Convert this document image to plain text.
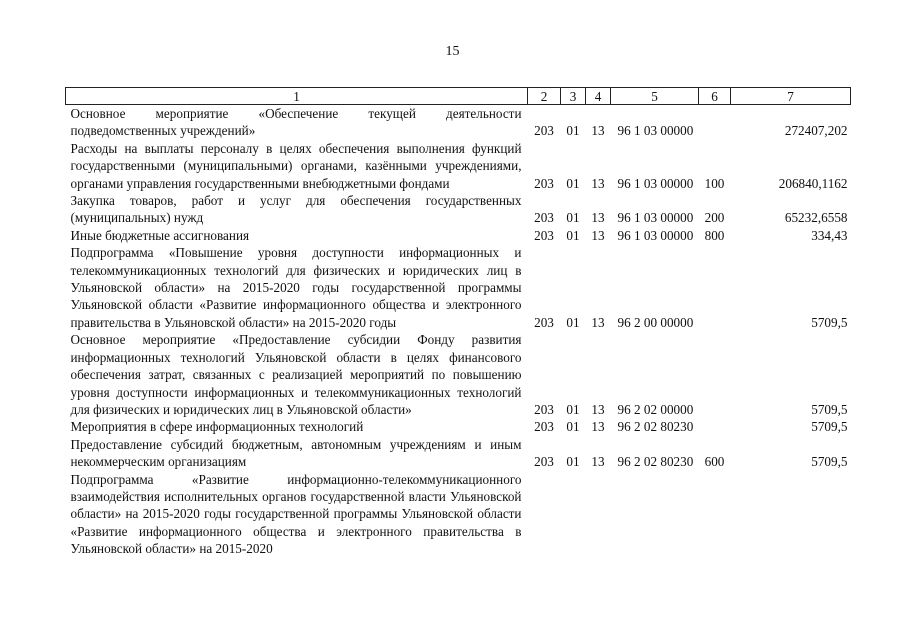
15
1	2	3	4	5	6	7
Основное мероприятие «Обеспечение текущей деятельности подведомственных учреждений»	203	01	13	96 1 03 00000		272407,202
Расходы на выплаты персоналу в целях обеспечения выполнения функций государственными (муниципальными) органами, казёнными учреждениями, органами управления государственными внебюджетными фондами	203	01	13	96 1 03 00000	100	206840,1162
Закупка товаров, работ и услуг для обеспечения государственных (муниципальных) нужд	203	01	13	96 1 03 00000	200	65232,6558
Иные бюджетные ассигнования	203	01	13	96 1 03 00000	800	334,43
Подпрограмма «Повышение уровня доступности информационных и телекоммуникационных технологий для физических и юридических лиц в Ульяновской области» на 2015-2020 годы государственной программы Ульяновской области «Развитие информационного общества и электронного правительства в Ульяновской области» на 2015-2020 годы	203	01	13	96 2 00 00000		5709,5
Основное мероприятие «Предоставление субсидии Фонду развития информационных технологий Ульяновской области в целях финансового обеспечения затрат, связанных с реализацией мероприятий по повышению уровня доступности информационных и телекоммуникационных технологий для физических и юридических лиц в Ульяновской области»	203	01	13	96 2 02 00000		5709,5
Мероприятия в сфере информационных технологий	203	01	13	96 2 02 80230		5709,5
Предоставление субсидий бюджетным, автономным учреждениям и иным некоммерческим организациям	203	01	13	96 2 02 80230	600	5709,5
Подпрограмма «Развитие информационно-телекоммуникационного взаимодействия исполнительных органов государственной власти Ульяновской области» на 2015-2020 годы государственной программы Ульяновской области «Развитие информационного общества и электронного правительства в Ульяновской области» на 2015-2020						
